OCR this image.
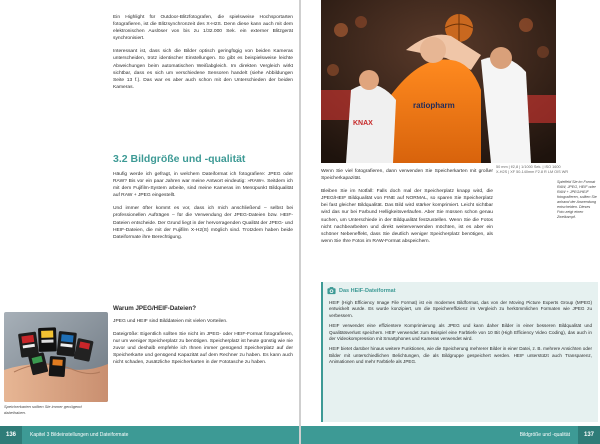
Ein Highlight für Outdoor-Blitzfotografen, die spielsweise Hochsportarten fotografieren, ist die Blitzsynchronzeit des X-H2S. Denn diese kann auch mit dem elektronischen Auslöser von bis zu 1/32.000 Sek. ein externer Blitzgerät synchronisiert.

Interessant ist, dass sich die Bilder optisch geringfügig von beiden Kameras unterscheiden, trotz identischer Einstellungen. So gibt es beispielsweise leichte Abweichungen beim automatischen Weißabgleich. Im direkten Vergleich wirkt sichtbar, dass es sich um verschiedene Sensoren handelt (siehe Abbildungen Seite 13 f.). Das war es aber auch schon mit den Unterschieden der beiden Kameras.

3.2 Bildgröße und -qualität

Häufig werde ich gefragt, in welchem Dateiformat ich fotografiere: JPEG oder RAW? Bis vor ein paar Jahren war meine Antwort eindeutig: »RAW«. Seitdem ich mit dem Fujifilm-System arbeite, sind meine Kameras im Menüpunkt Bildqualität auf RAW + JPEG eingestellt.

Und immer öfter kommt es vor, dass ich mich anschließend – selbst bei professionellen Aufträgen – für die Verwendung der JPEG-Dateien bzw. HEIF-Dateien entscheide. Der Grund liegt in der hervorragenden Qualität der JPEG- und HEIF-Dateien, die mit der Fujifilm X-H2(S) möglich sind. Trotzdem haben beide Dateiformate ihre Berechtigung.

Warum JPEG/HEIF-Dateien?

JPEG und HEIF sind Bilddateien mit vielen Vorteilen.

Dateigröße: Eigentlich sollten Sie nicht im JPEG- oder HEIF-Format fotografieren, nur um weniger Speicherplatz zu benötigen. Speicherplatz ist heute günstig wie nie zuvor und deshalb empfehle ich Ihnen immer genügend Speicherplatz auf der Speicherkarte und genügend Kapazität auf dem Rechner zu haben. Es kann auch nicht schaden, zusätzliche Speicherkarten in der Fototasche zu haben.

Speicherkarten sollten Sie immer genügend dabeihaben.
Kapitel 3 Bildeinstellungen und Dateiformate
136
ratiopharm
KNAX
50 mm | f/2,8 | 1/1000 Sek. | ISO 1600
X-H2S | XF 50-140mm F2.8 R LM OIS WR
Spielfeld Sie im Format RAW, JPEG, HEIF oder RAW + JPEG/HEIF fotografieren, sollten Sie anhand der Anwendung entscheiden. Dieses Foto zeigt einen Zweikampf.

Wenn Sie viel fotografieren, dann verwenden Sie Speicherkarten mit großer Speicherkapazität.

Bleiben Sie im Notfall: Falls doch mal der Speicherplatz knapp wird, die JPEG/HEIF Bildqualität von FINE auf NORMAL, so sparen Sie Speicherplatz bei fast gleicher Bildqualität. Das Bild wird stärker komprimiert. Leicht sichtbar wird das nur bei Farbund Helligkeitsverläufen. Aber Sie müssen schon genau suchen, um Unterschiede in der Bildqualität festzustellen. Wenn Sie die Fotos nicht nachbearbeiten und direkt weiterverwenden möchten, ist es aber ein schöner Nebeneffekt, dass Sie deutlich weniger Speicherplatz benötigen, als wenn Sie Ihre Fotos im RAW-Format abspeichern.

Das HEIF-Dateiformat

HEIF (High Efficiency Image File Format) ist ein modernes Bildformat, das von der Moving Picture Experts Group (MPEG) entwickelt wurde. Es wurde konzipiert, um die Speichereffizienz im Vergleich zu herkömmlichen Formaten wie JPEG zu verbessern.

HEIF verwendet eine effizientere Komprimierung als JPEG und kann daher Bilder in einer besseren Bildqualität und Qualitätsverlust speichern. HEIF verwendet zum Beispiel eine Farbtiefe von 10 Bit (High Efficiency Video Coding), das auch in der Videokompression mit Smartphones und Kameras verwendet wird.

HEIF bietet darüber hinaus weitere Funktionen, wie die Speicherung mehrerer Bilder in einer Datei, z. B. mehrere Ansichten oder Bilder mit unterschiedlichen Belichtungen, die als Bildgruppe gespeichert werden. HEIF unterstützt auch Transparenz, Animationen und mehr Farbtiefe als JPEG.

Bildgröße und -qualität	137
